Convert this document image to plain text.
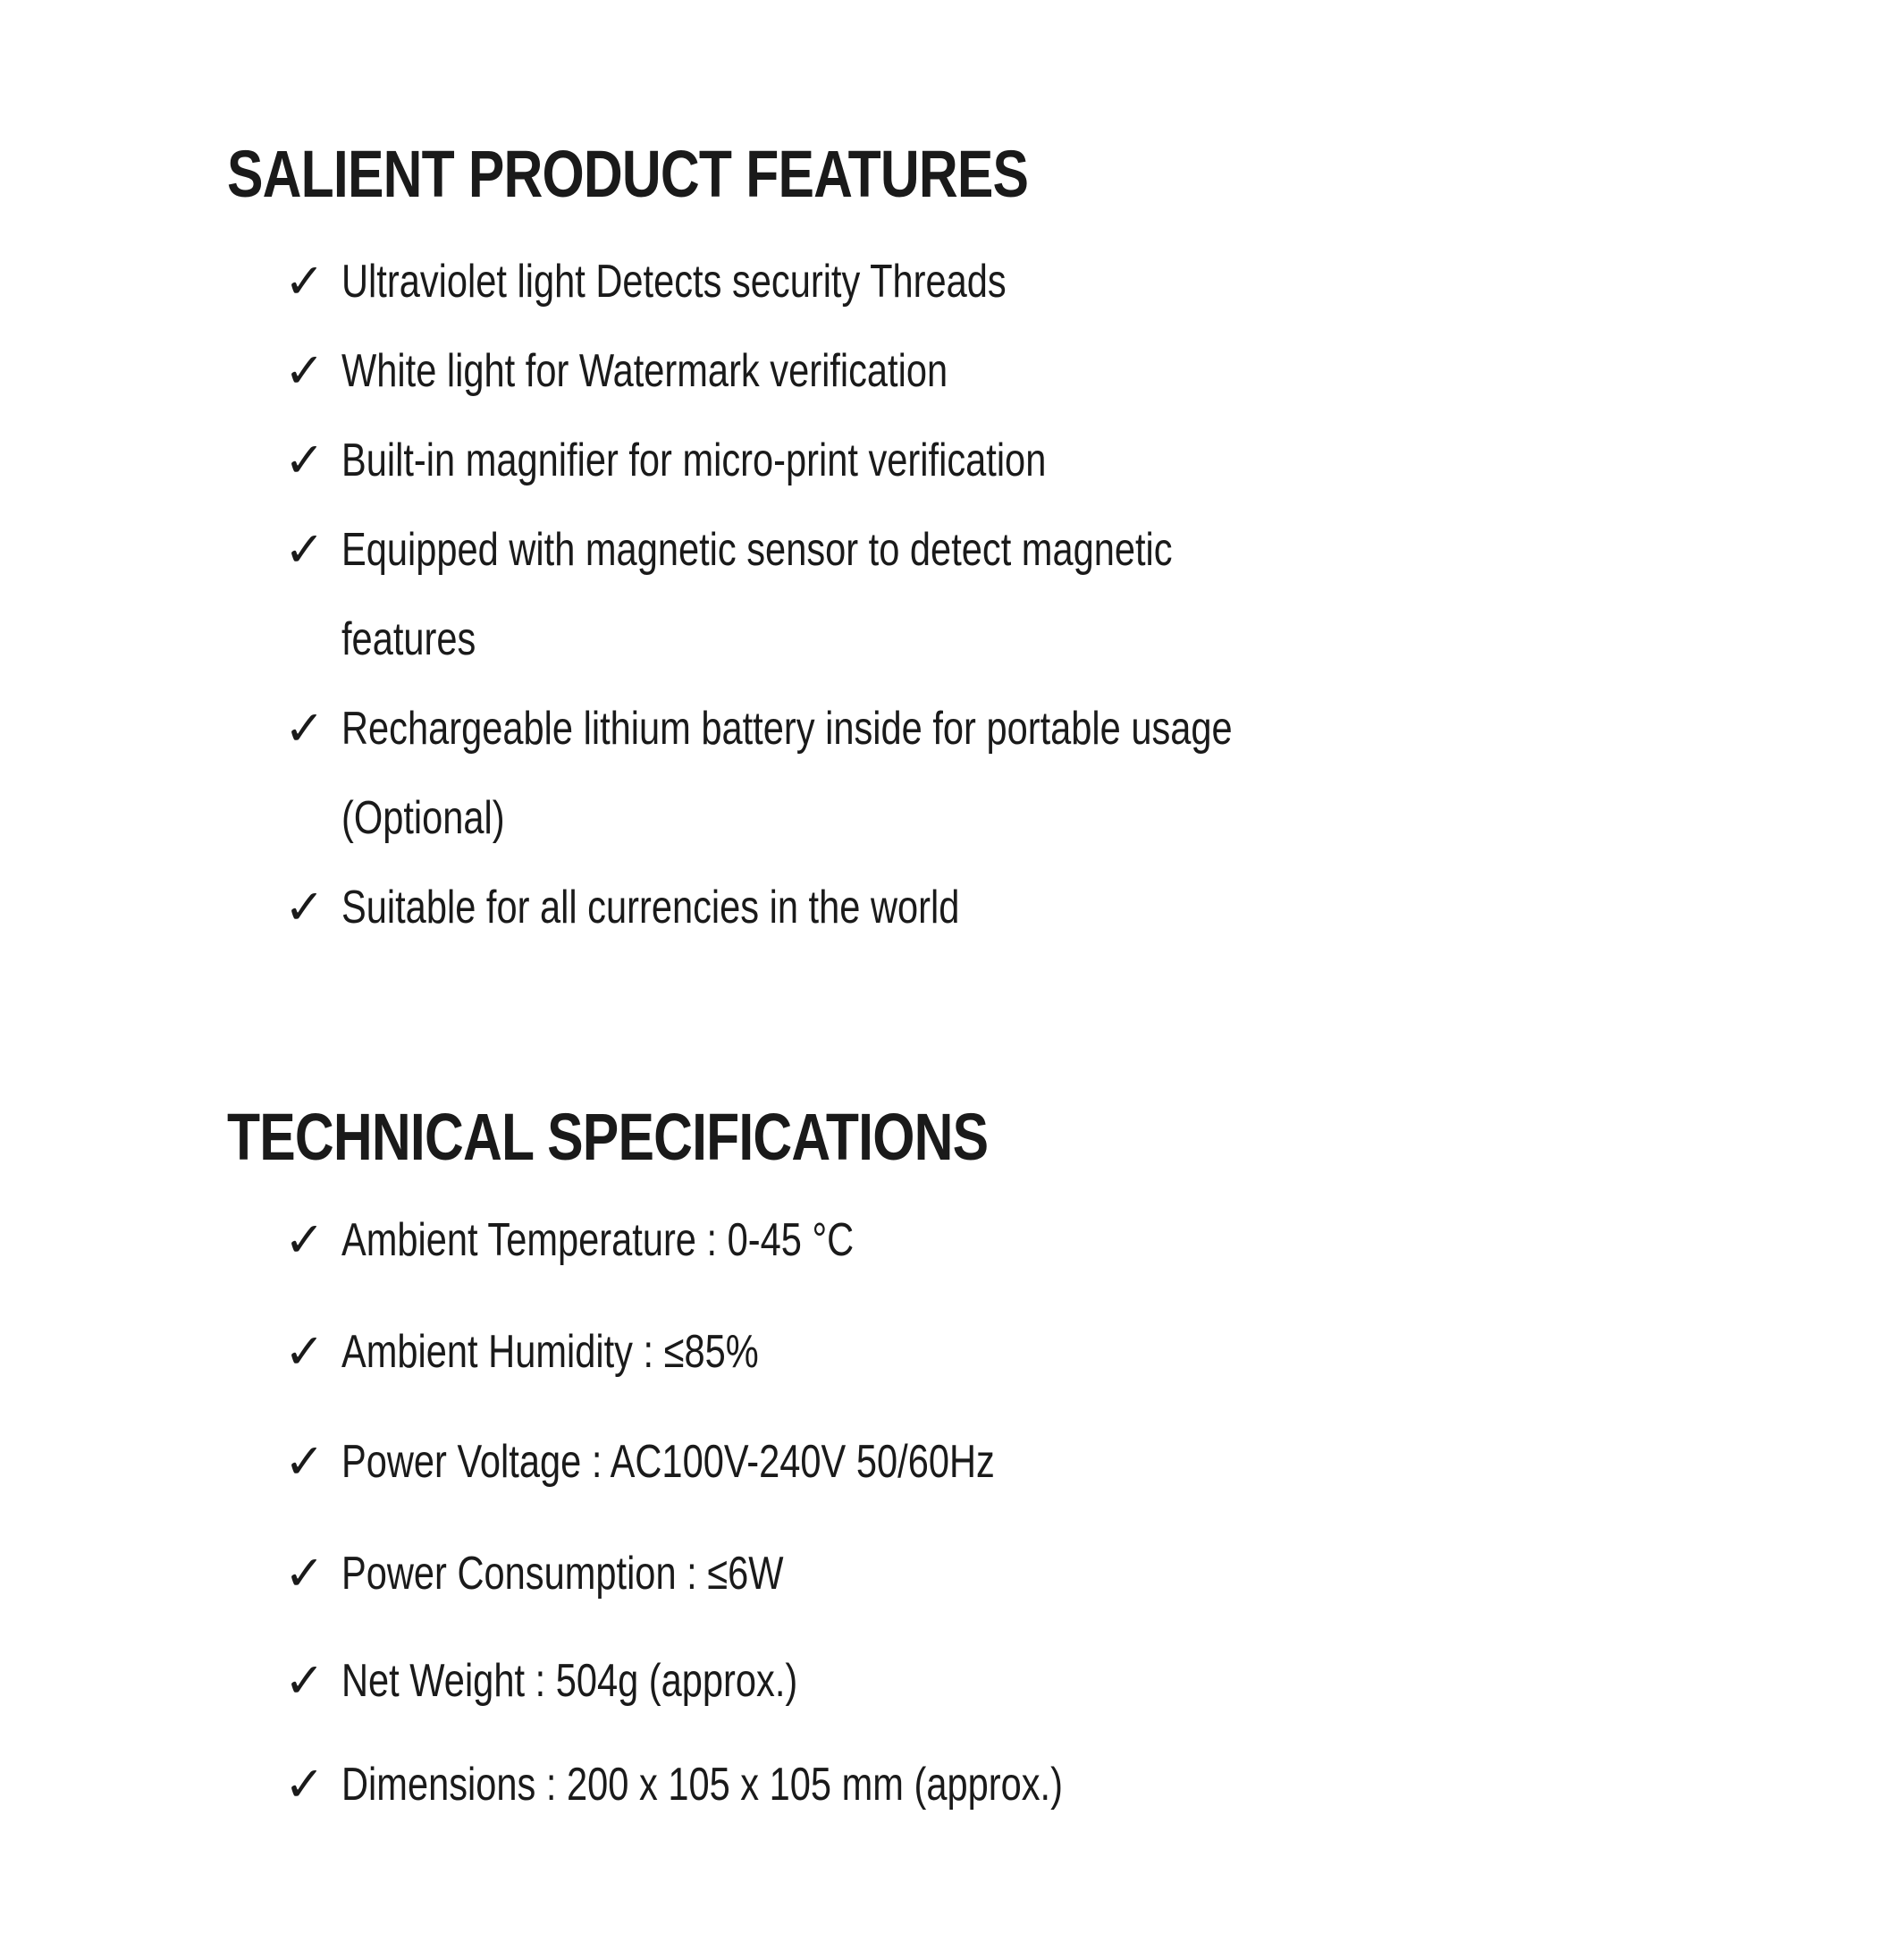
SALIENT PRODUCT FEATURES
✓ Ultraviolet light Detects security Threads
✓ White light for Watermark verification
✓ Built-in magnifier for micro-print verification
✓ Equipped with magnetic sensor to detect magnetic features
✓ Rechargeable lithium battery inside for portable usage (Optional)
✓ Suitable for all currencies in the world
TECHNICAL SPECIFICATIONS
✓ Ambient Temperature : 0-45 °C
✓ Ambient Humidity : ≤85%
✓ Power Voltage : AC100V-240V 50/60Hz
✓ Power Consumption : ≤6W
✓ Net Weight : 504g (approx.)
✓ Dimensions : 200 x 105 x 105 mm (approx.)
